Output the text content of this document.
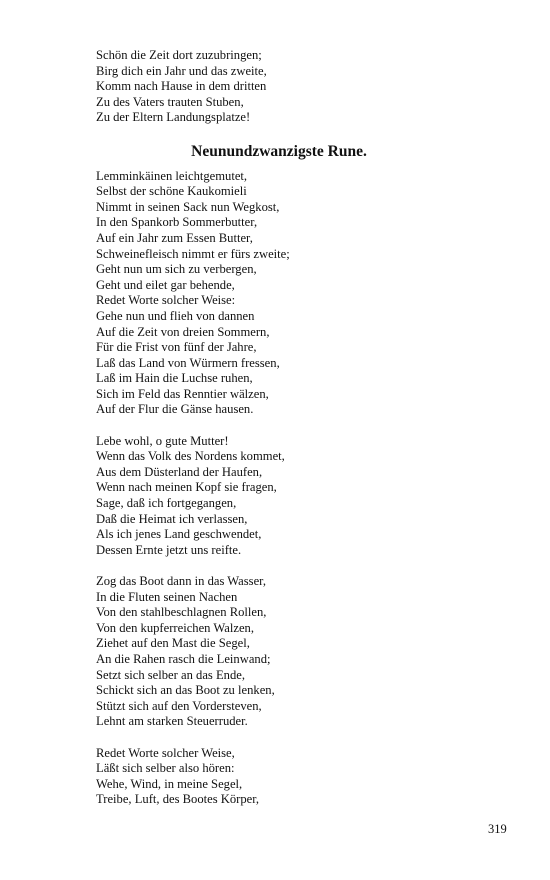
Schön die Zeit dort zuzubringen;
Birg dich ein Jahr und das zweite,
Komm nach Hause in dem dritten
Zu des Vaters trauten Stuben,
Zu der Eltern Landungsplatze!
Neunundzwanzigste Rune.
Lemminkäinen leichtgemutet,
Selbst der schöne Kaukomieli
Nimmt in seinen Sack nun Wegkost,
In den Spankorb Sommerbutter,
Auf ein Jahr zum Essen Butter,
Schweinefleisch nimmt er fürs zweite;
Geht nun um sich zu verbergen,
Geht und eilet gar behende,
Redet Worte solcher Weise:
Gehe nun und flieh von dannen
Auf die Zeit von dreien Sommern,
Für die Frist von fünf der Jahre,
Laß das Land von Würmern fressen,
Laß im Hain die Luchse ruhen,
Sich im Feld das Renntier wälzen,
Auf der Flur die Gänse hausen.
Lebe wohl, o gute Mutter!
Wenn das Volk des Nordens kommet,
Aus dem Düsterland der Haufen,
Wenn nach meinen Kopf sie fragen,
Sage, daß ich fortgegangen,
Daß die Heimat ich verlassen,
Als ich jenes Land geschwendet,
Dessen Ernte jetzt uns reifte.
Zog das Boot dann in das Wasser,
In die Fluten seinen Nachen
Von den stahlbeschlagnen Rollen,
Von den kupferreichen Walzen,
Ziehet auf den Mast die Segel,
An die Rahen rasch die Leinwand;
Setzt sich selber an das Ende,
Schickt sich an das Boot zu lenken,
Stützt sich auf den Vordersteven,
Lehnt am starken Steuerruder.
Redet Worte solcher Weise,
Läßt sich selber also hören:
Wehe, Wind, in meine Segel,
Treibe, Luft, des Bootes Körper,
319
